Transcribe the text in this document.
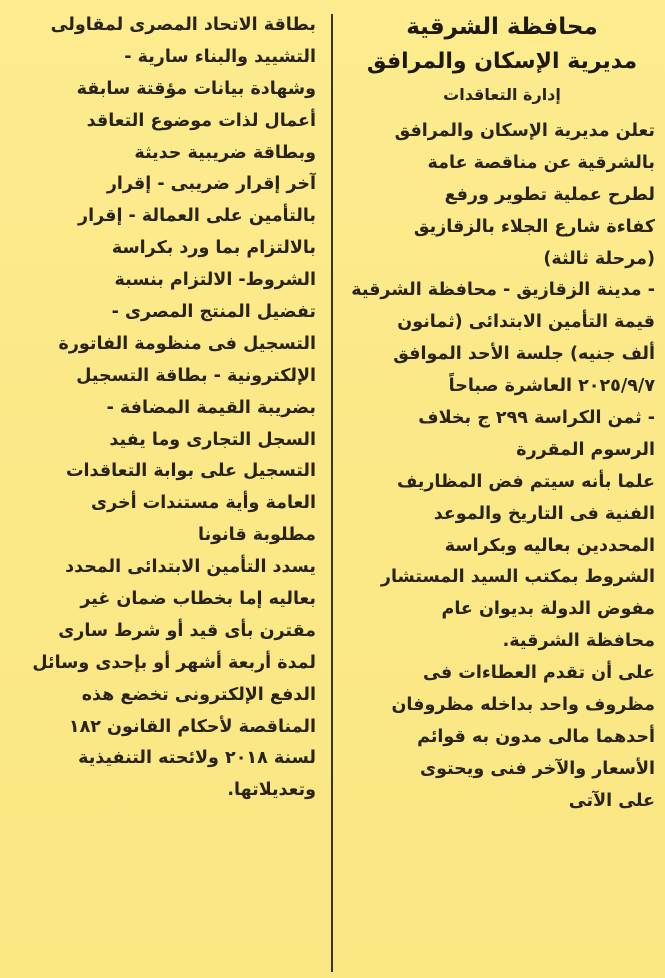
محافظة الشرقية
مديرية الإسكان والمرافق
إدارة التعاقدات
تعلن مديرية الإسكان والمرافق
بالشرقية عن مناقصة عامة
لطرح عملية تطوير ورفع
كفاءة شارع الجلاء بالزقازيق
(مرحلة ثالثة)
- مدينة الزقازيق - محافظة الشرقية
قيمة التأمين الابتدائى (ثمانون
ألف جنيه) جلسة الأحد الموافق
٢٠٢٥/٩/٧ العاشرة صباحاً
- ثمن الكراسة ٢٩٩ ج بخلاف
الرسوم المقررة
علما بأنه سيتم فض المظاريف
الفنية فى التاريخ والموعد
المحددين بعاليه وبكراسة
الشروط بمكتب السيد المستشار
مفوض الدولة بديوان عام
محافظة الشرقية.
على أن تقدم العطاءات فى
مظروف واحد بداخله مظروفان
أحدهما مالى مدون به قوائم
الأسعار والآخر فنى ويحتوى
على الآتى
بطاقة الاتحاد المصرى لمقاولى
التشييد والبناء سارية -
وشهادة بيانات مؤقتة سابقة
أعمال لذات موضوع التعاقد
وبطاقة ضريبية حديثة
آخر إقرار ضريبى - إقرار
بالتأمين على العمالة - إقرار
بالالتزام بما ورد بكراسة
الشروط- الالتزام بنسبة
تفضيل المنتج المصرى -
التسجيل فى منظومة الفاتورة
الإلكترونية - بطاقة التسجيل
بضريبة القيمة المضافة -
السجل التجارى وما يفيد
التسجيل على بوابة التعاقدات
العامة وأية مستندات أخرى
مطلوبة قانونا
يسدد التأمين الابتدائى المحدد
بعاليه إما بخطاب ضمان غير
مقترن بأى قيد أو شرط سارى
لمدة أربعة أشهر أو بإحدى وسائل
الدفع الإلكترونى تخضع هذه
المناقصة لأحكام القانون ١٨٢
لسنة ٢٠١٨ ولائحته التنفيذية
وتعديلاتها.
